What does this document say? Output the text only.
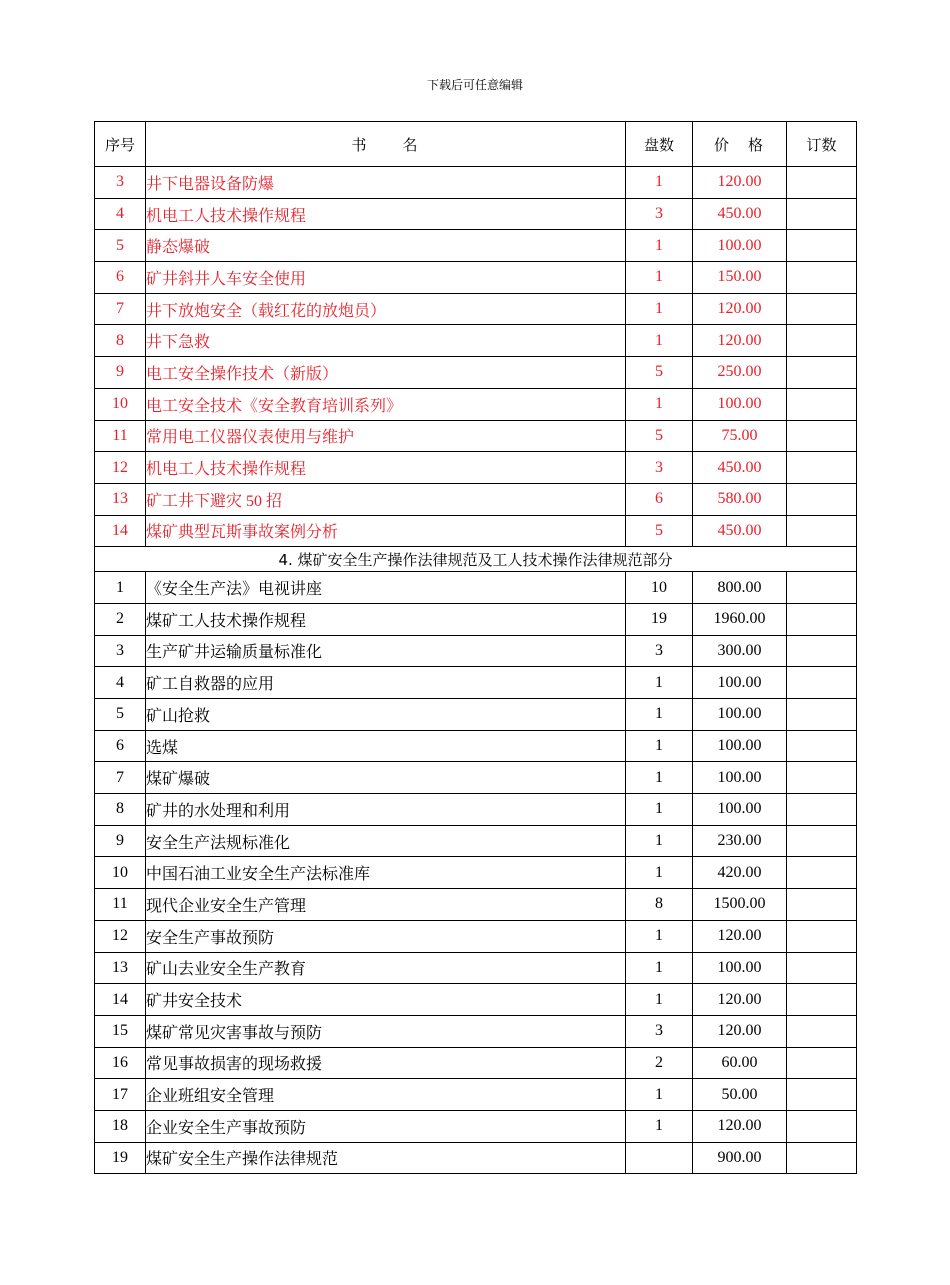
下载后可任意编辑
序号	书　　名	盘数	价　格	订数
3	井下电器设备防爆	1	120.00	
4	机电工人技术操作规程	3	450.00	
5	静态爆破	1	100.00	
6	矿井斜井人车安全使用	1	150.00	
7	井下放炮安全（载红花的放炮员）	1	120.00	
8	井下急救	1	120.00	
9	电工安全操作技术（新版）	5	250.00	
10	电工安全技术《安全教育培训系列》	1	100.00	
11	常用电工仪器仪表使用与维护	5	75.00	
12	机电工人技术操作规程	3	450.00	
13	矿工井下避灾 50 招	6	580.00	
14	煤矿典型瓦斯事故案例分析	5	450.00	
4. 煤矿安全生产操作法律规范及工人技术操作法律规范部分				
1	《安全生产法》电视讲座	10	800.00	
2	煤矿工人技术操作规程	19	1960.00	
3	生产矿井运输质量标准化	3	300.00	
4	矿工自救器的应用	1	100.00	
5	矿山抢救	1	100.00	
6	选煤	1	100.00	
7	煤矿爆破	1	100.00	
8	矿井的水处理和利用	1	100.00	
9	安全生产法规标准化	1	230.00	
10	中国石油工业安全生产法标准库	1	420.00	
11	现代企业安全生产管理	8	1500.00	
12	安全生产事故预防	1	120.00	
13	矿山去业安全生产教育	1	100.00	
14	矿井安全技术	1	120.00	
15	煤矿常见灾害事故与预防	3	120.00	
16	常见事故损害的现场救援	2	60.00	
17	企业班组安全管理	1	50.00	
18	企业安全生产事故预防	1	120.00	
19	煤矿安全生产操作法律规范		900.00	
